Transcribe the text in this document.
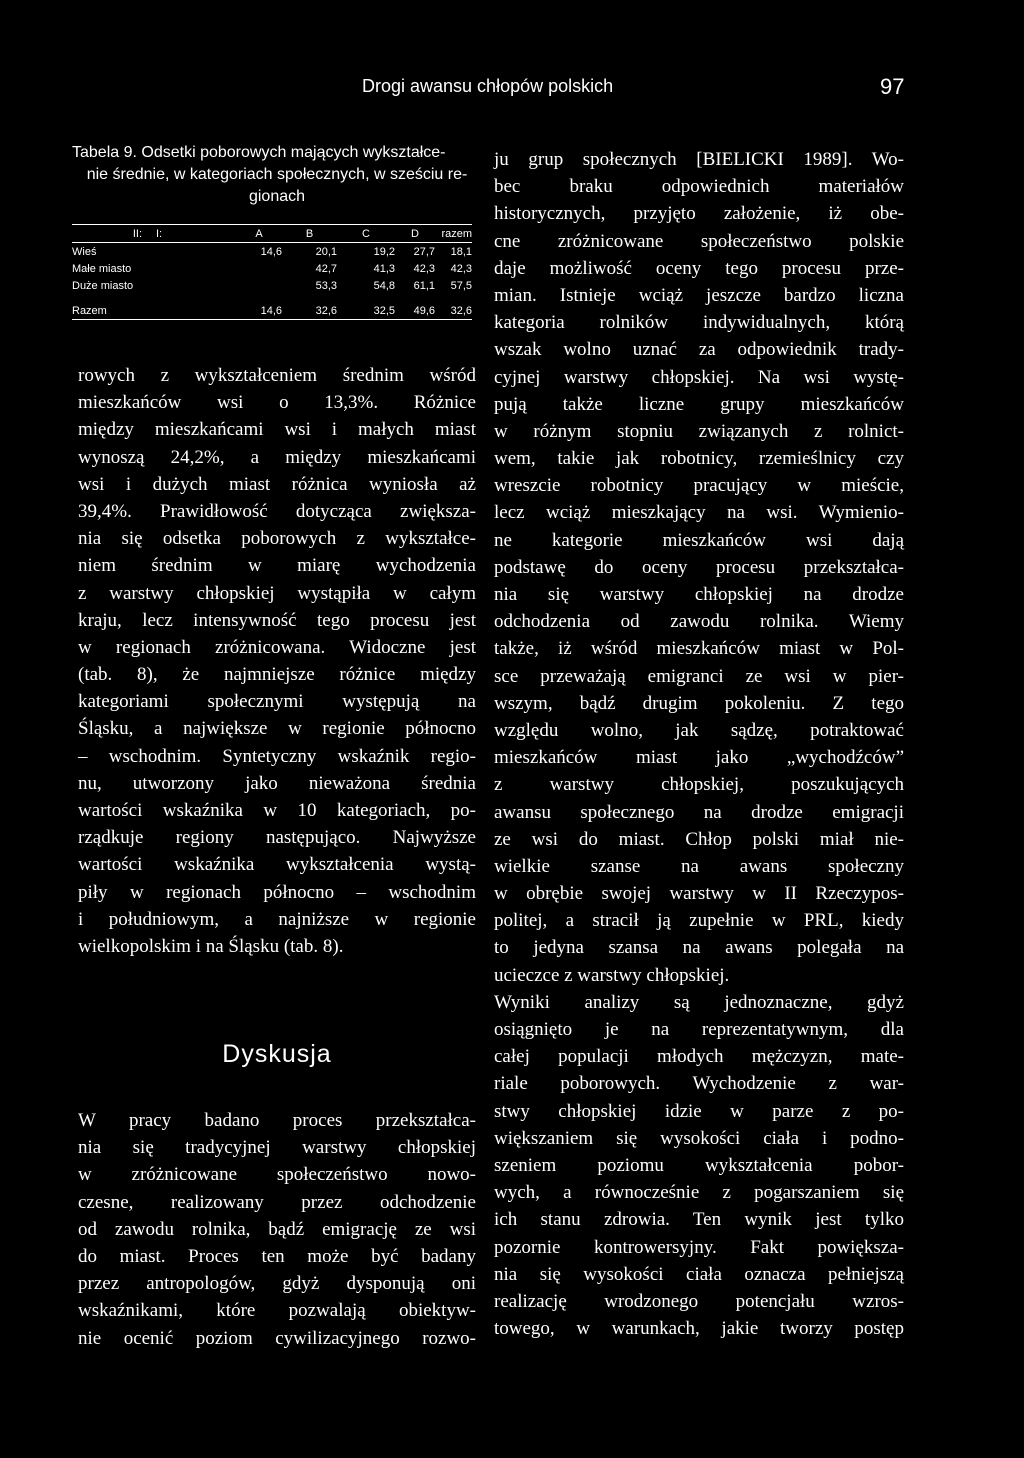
Drogi awansu chłopów polskich	97
Tabela 9. Odsetki poborowych mających wykształce-
nie średnie, w kategoriach społecznych, w sześciu re-
gionach
II:	I:	A	B	C	D	razem
Wieś		14,6	20,1	19,2	27,7	18,1
Małe miasto			42,7	41,3	42,3	42,3
Duże miasto			53,3	54,8	61,1	57,5
Razem		14,6	32,6	32,5	49,6	32,6
rowych z wykształceniem średnim wśród
mieszkańców wsi o 13,3%. Różnice
między mieszkańcami wsi i małych miast
wynoszą 24,2%, a między mieszkańcami
wsi i dużych miast różnica wyniosła aż
39,4%. Prawidłowość dotycząca zwiększa-
nia się odsetka poborowych z wykształce-
niem średnim w miarę wychodzenia
z warstwy chłopskiej wystąpiła w całym
kraju, lecz intensywność tego procesu jest
w regionach zróżnicowana. Widoczne jest
(tab. 8), że najmniejsze różnice między
kategoriami społecznymi występują na
Śląsku, a największe w regionie północno
– wschodnim. Syntetyczny wskaźnik regio-
nu, utworzony jako nieważona średnia
wartości wskaźnika w 10 kategoriach, po-
rządkuje regiony następująco. Najwyższe
wartości wskaźnika wykształcenia wystą-
piły w regionach północno – wschodnim
i południowym, a najniższe w regionie
wielkopolskim i na Śląsku (tab. 8).
Dyskusja
W pracy badano proces przekształca-
nia się tradycyjnej warstwy chłopskiej
w zróżnicowane społeczeństwo nowo-
czesne, realizowany przez odchodzenie
od zawodu rolnika, bądź emigrację ze wsi
do miast. Proces ten może być badany
przez antropologów, gdyż dysponują oni
wskaźnikami, które pozwalają obiektyw-
nie ocenić poziom cywilizacyjnego rozwo-
ju grup społecznych [BIELICKI 1989]. Wo-
bec braku odpowiednich materiałów
historycznych, przyjęto założenie, iż obe-
cne zróżnicowane społeczeństwo polskie
daje możliwość oceny tego procesu prze-
mian. Istnieje wciąż jeszcze bardzo liczna
kategoria rolników indywidualnych, którą
wszak wolno uznać za odpowiednik trady-
cyjnej warstwy chłopskiej. Na wsi wystę-
pują także liczne grupy mieszkańców
w różnym stopniu związanych z rolnict-
wem, takie jak robotnicy, rzemieślnicy czy
wreszcie robotnicy pracujący w mieście,
lecz wciąż mieszkający na wsi. Wymienio-
ne kategorie mieszkańców wsi dają
podstawę do oceny procesu przekształca-
nia się warstwy chłopskiej na drodze
odchodzenia od zawodu rolnika. Wiemy
także, iż wśród mieszkańców miast w Pol-
sce przeważają emigranci ze wsi w pier-
wszym, bądź drugim pokoleniu. Z tego
względu wolno, jak sądzę, potraktować
mieszkańców miast jako „wychodźców”
z warstwy chłopskiej, poszukujących
awansu społecznego na drodze emigracji
ze wsi do miast. Chłop polski miał nie-
wielkie szanse na awans społeczny
w obrębie swojej warstwy w II Rzeczypos-
politej, a stracił ją zupełnie w PRL, kiedy
to jedyna szansa na awans polegała na
ucieczce z warstwy chłopskiej.
Wyniki analizy są jednoznaczne, gdyż
osiągnięto je na reprezentatywnym, dla
całej populacji młodych mężczyzn, mate-
riale poborowych. Wychodzenie z war-
stwy chłopskiej idzie w parze z po-
większaniem się wysokości ciała i podno-
szeniem poziomu wykształcenia pobor-
wych, a równocześnie z pogarszaniem się
ich stanu zdrowia. Ten wynik jest tylko
pozornie kontrowersyjny. Fakt powiększa-
nia się wysokości ciała oznacza pełniejszą
realizację wrodzonego potencjału wzros-
towego, w warunkach, jakie tworzy postęp
